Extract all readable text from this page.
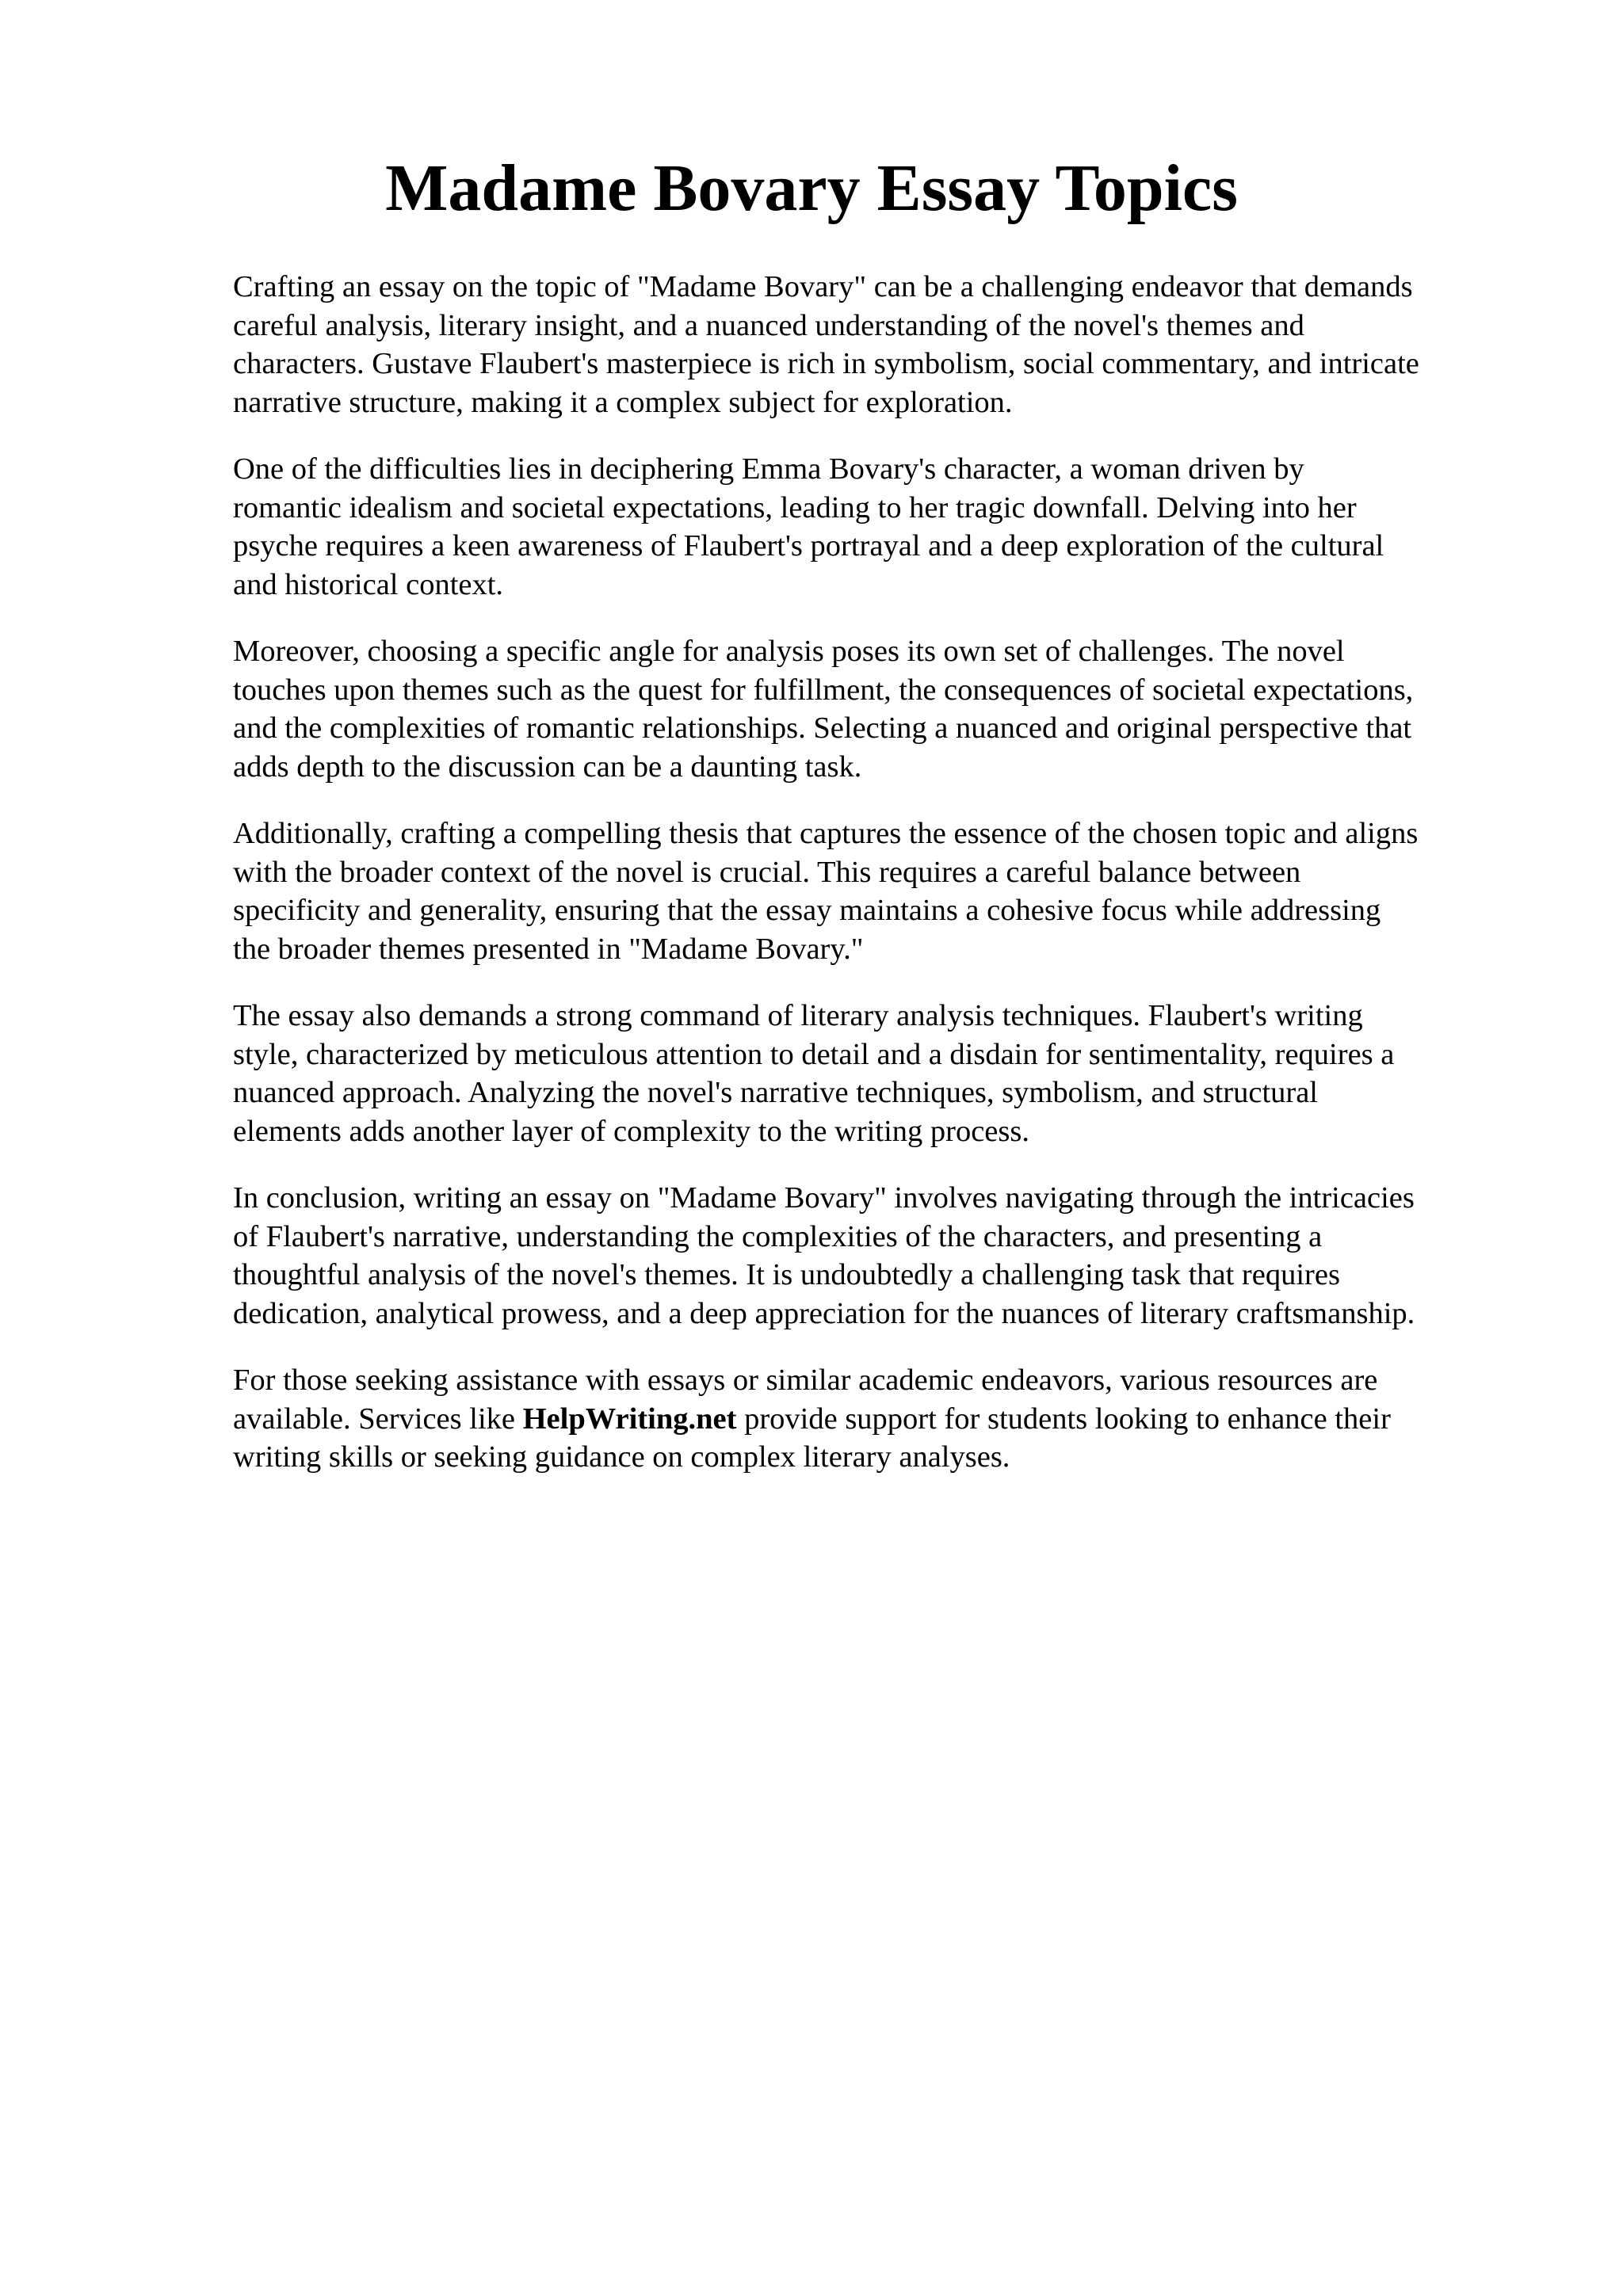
Madame Bovary Essay Topics

Crafting an essay on the topic of "Madame Bovary" can be a challenging endeavor that demands
careful analysis, literary insight, and a nuanced understanding of the novel's themes and
characters. Gustave Flaubert's masterpiece is rich in symbolism, social commentary, and intricate
narrative structure, making it a complex subject for exploration.

One of the difficulties lies in deciphering Emma Bovary's character, a woman driven by
romantic idealism and societal expectations, leading to her tragic downfall. Delving into her
psyche requires a keen awareness of Flaubert's portrayal and a deep exploration of the cultural
and historical context.

Moreover, choosing a specific angle for analysis poses its own set of challenges. The novel
touches upon themes such as the quest for fulfillment, the consequences of societal expectations,
and the complexities of romantic relationships. Selecting a nuanced and original perspective that
adds depth to the discussion can be a daunting task.

Additionally, crafting a compelling thesis that captures the essence of the chosen topic and aligns
with the broader context of the novel is crucial. This requires a careful balance between
specificity and generality, ensuring that the essay maintains a cohesive focus while addressing
the broader themes presented in "Madame Bovary."

The essay also demands a strong command of literary analysis techniques. Flaubert's writing
style, characterized by meticulous attention to detail and a disdain for sentimentality, requires a
nuanced approach. Analyzing the novel's narrative techniques, symbolism, and structural
elements adds another layer of complexity to the writing process.

In conclusion, writing an essay on "Madame Bovary" involves navigating through the intricacies
of Flaubert's narrative, understanding the complexities of the characters, and presenting a
thoughtful analysis of the novel's themes. It is undoubtedly a challenging task that requires
dedication, analytical prowess, and a deep appreciation for the nuances of literary craftsmanship.

For those seeking assistance with essays or similar academic endeavors, various resources are
available. Services like HelpWriting.net provide support for students looking to enhance their
writing skills or seeking guidance on complex literary analyses.
